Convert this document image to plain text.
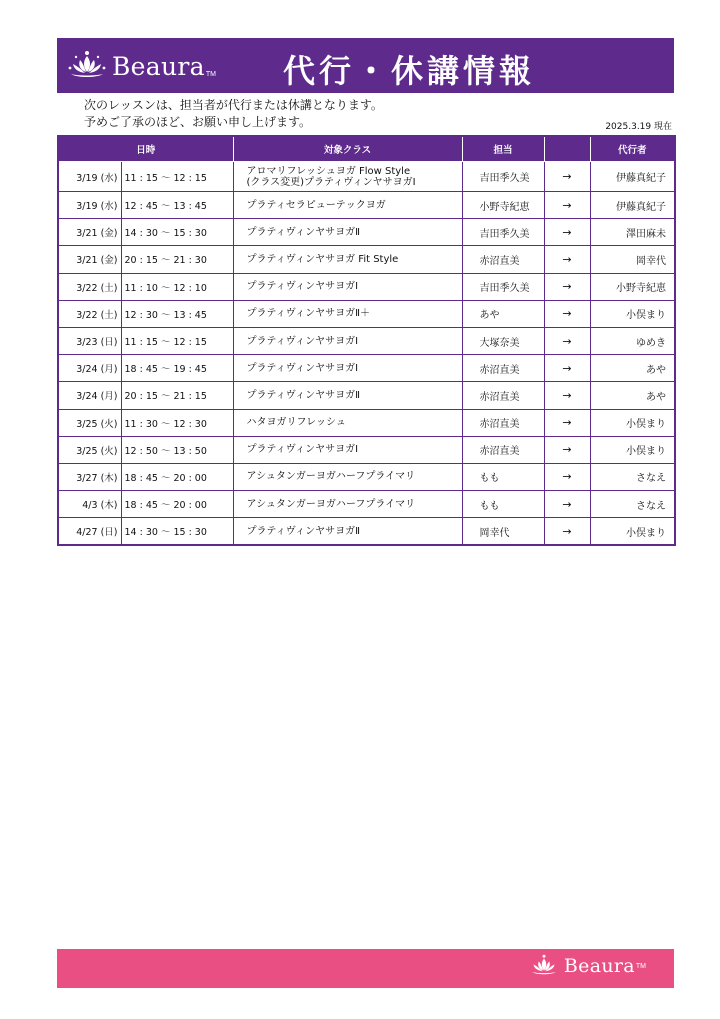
Beaura TM 代行・休講情報
次のレッスンは、担当者が代行または休講となります。
予めご了承のほど、お願い申し上げます。	2025.3.19 現在
日時		対象クラス	担当		代行者
3/19 (水)	11 : 15 ～ 12 : 15	アロマリフレッシュヨガ Flow Style
(クラス変更)プラティヴィンヤサヨガⅠ	吉田季久美	→	伊藤真紀子
3/19 (水)	12 : 45 ～ 13 : 45	プラティセラピューテックヨガ	小野寺紀恵	→	伊藤真紀子
3/21 (金)	14 : 30 ～ 15 : 30	プラティヴィンヤサヨガⅡ	吉田季久美	→	澤田麻未
3/21 (金)	20 : 15 ～ 21 : 30	プラティヴィンヤサヨガ Fit Style	赤沼直美	→	岡幸代
3/22 (土)	11 : 10 ～ 12 : 10	プラティヴィンヤサヨガⅠ	吉田季久美	→	小野寺紀恵
3/22 (土)	12 : 30 ～ 13 : 45	プラティヴィンヤサヨガⅡ＋	あや	→	小俣まり
3/23 (日)	11 : 15 ～ 12 : 15	プラティヴィンヤサヨガⅠ	大塚奈美	→	ゆめき
3/24 (月)	18 : 45 ～ 19 : 45	プラティヴィンヤサヨガⅠ	赤沼直美	→	あや
3/24 (月)	20 : 15 ～ 21 : 15	プラティヴィンヤサヨガⅡ	赤沼直美	→	あや
3/25 (火)	11 : 30 ～ 12 : 30	ハタヨガリフレッシュ	赤沼直美	→	小俣まり
3/25 (火)	12 : 50 ～ 13 : 50	プラティヴィンヤサヨガⅠ	赤沼直美	→	小俣まり
3/27 (木)	18 : 45 ～ 20 : 00	アシュタンガーヨガハーフプライマリ	もも	→	さなえ
4/3 (木)	18 : 45 ～ 20 : 00	アシュタンガーヨガハーフプライマリ	もも	→	さなえ
4/27 (日)	14 : 30 ～ 15 : 30	プラティヴィンヤサヨガⅡ	岡幸代	→	小俣まり
Beaura TM
